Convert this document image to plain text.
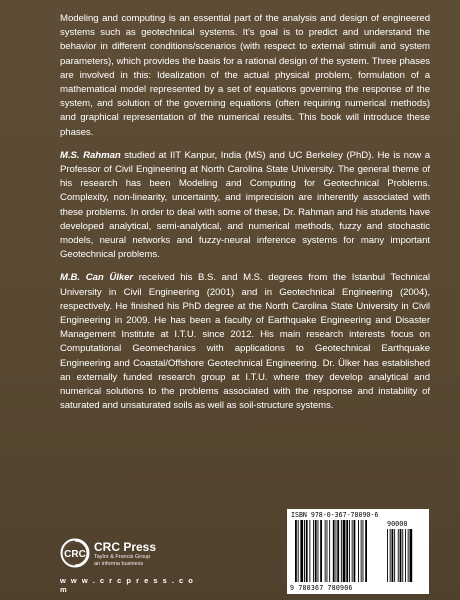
Modeling and computing is an essential part of the analysis and design of engineered systems such as geotechnical systems. It’s goal is to predict and understand the behavior in different conditions/scenarios (with respect to external stimuli and system parameters), which provides the basis for a rational design of the system. Three phases are involved in this: Idealization of the actual physical problem, formulation of a mathematical model represented by a set of equations governing the response of the system, and solution of the governing equations (often requiring numerical methods) and graphical representation of the numerical results. This book will introduce these phases.

M.S. Rahman studied at IIT Kanpur, India (MS) and UC Berkeley (PhD). He is now a Professor of Civil Engineering at North Carolina State University. The general theme of his research has been Modeling and Computing for Geotechnical Problems. Complexity, non-linearity, uncertainty, and imprecision are inherently associated with these problems. In order to deal with some of these, Dr. Rahman and his students have developed analytical, semi-analytical, and numerical methods, fuzzy and stochastic models, neural networks and fuzzy-neural inference systems for many important Geotechnical problems.

M.B. Can Ülker received his B.S. and M.S. degrees from the Istanbul Technical University in Civil Engineering (2001) and in Geotechnical Engineering (2004), respectively. He finished his PhD degree at the North Carolina State University in Civil Engineering in 2009. He has been a faculty of Earthquake Engineering and Disaster Management Institute at I.T.U. since 2012. His main research interests focus on Computational Geomechanics with applications to Geotechnical Earthquake Engineering and Coastal/Offshore Geotechnical Engineering. Dr. Ülker has established an externally funded research group at I.T.U. where they develop analytical and numerical solutions to the problems associated with the response and instability of saturated and unsaturated soils as well as soil-structure systems.

CRC
CRC Press
Taylor & Francis Group
an informa business
w w w . c r c p r e s s . c o m
ISBN 978-0-367-78090-6
90000
9 780367 780906
